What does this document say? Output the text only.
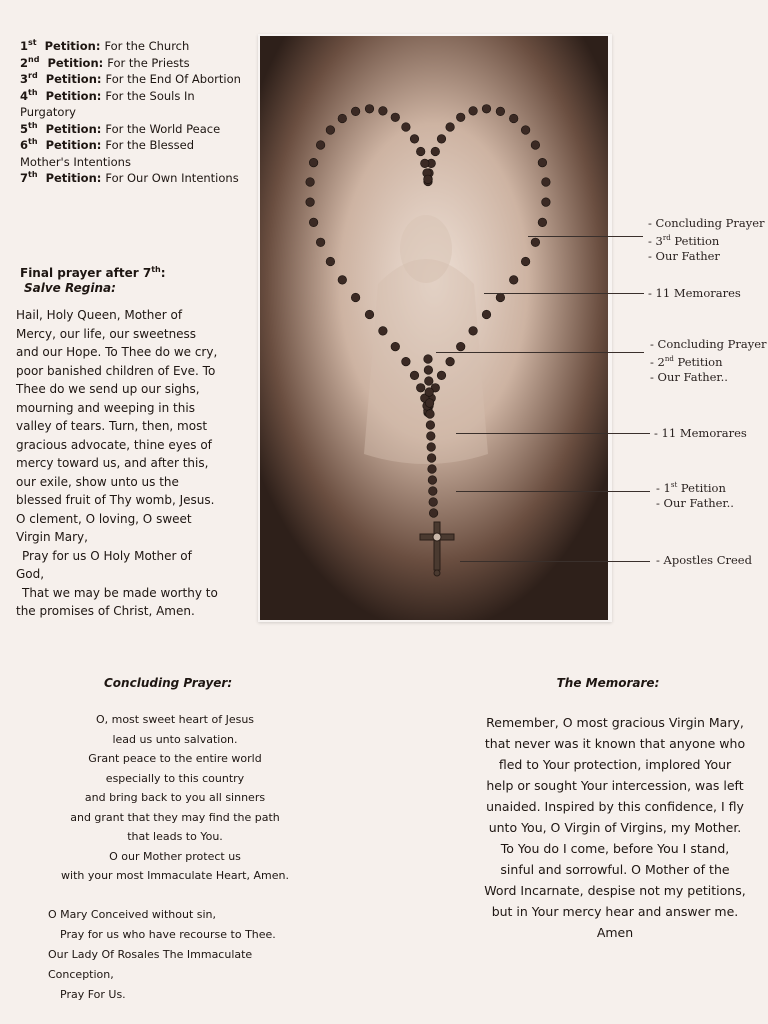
1st Petition: For the Church

2nd Petition: For the Priests

3rd Petition: For the End Of Abortion

4th Petition: For the Souls In Purgatory

5th Petition: For the World Peace

6th Petition: For the Blessed Mother's Intentions

7th Petition: For Our Own Intentions

Final prayer after 7th:
Salve Regina:

Hail, Holy Queen, Mother of

Mercy, our life, our sweetness

and our Hope. To Thee do we cry,

poor banished children of Eve. To

Thee do we send up our sighs,

mourning and weeping in this

valley of tears. Turn, then, most

gracious advocate, thine eyes of

mercy toward us, and after this,

our exile, show unto us the

blessed fruit of Thy womb, Jesus.

O clement, O loving, O sweet

Virgin Mary,

Pray for us O Holy Mother of

God,

That we may be made worthy to

the promises of Christ, Amen.

- Concluding Prayer
- 3rd Petition
- Our Father
- 11 Memorares
- Concluding Prayer
- 2nd Petition
- Our Father..
- 11 Memorares
- 1st Petition
- Our Father..
- Apostles Creed
Concluding Prayer:

O, most sweet heart of Jesus

lead us unto salvation.

Grant peace to the entire world

especially to this country

and bring back to you all sinners

and grant that they may find the path

that leads to You.

O our Mother protect us

with your most Immaculate Heart, Amen.

O Mary Conceived without sin,

Pray for us who have recourse to Thee.

Our Lady Of Rosales The Immaculate

Conception,

Pray For Us.

The Memorare:

Remember, O most gracious Virgin Mary,

that never was it known that anyone who

fled to Your protection, implored Your

help or sought Your intercession, was left

unaided. Inspired by this confidence, I fly

unto You, O Virgin of Virgins, my Mother.

To You do I come, before You I stand,

sinful and sorrowful. O Mother of the

Word Incarnate, despise not my petitions,

but in Your mercy hear and answer me.

Amen
